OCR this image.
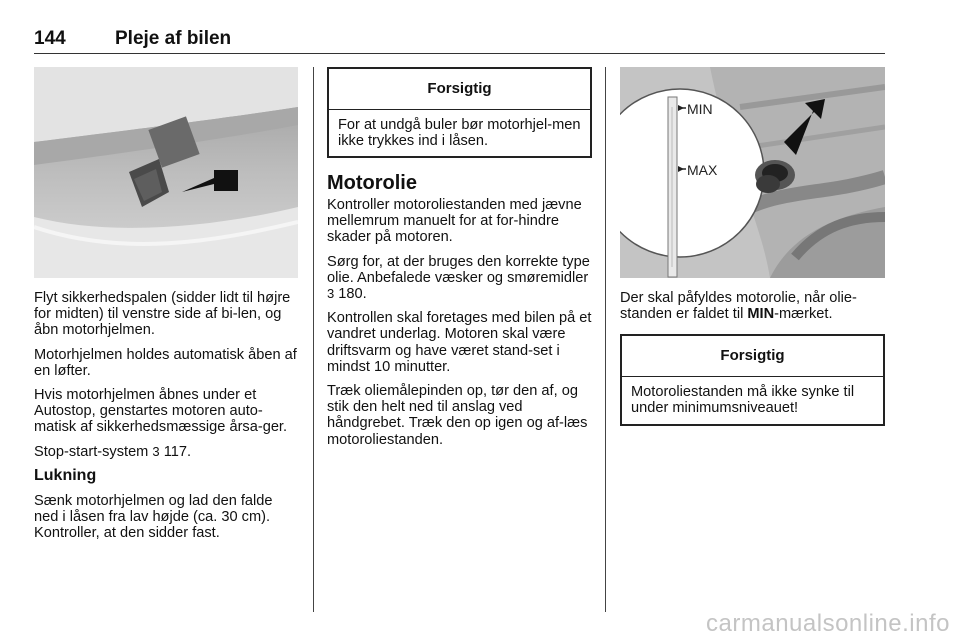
144	Pleje af bilen

Flyt sikkerhedspalen (sidder lidt til højre for midten) til venstre side af bi-len, og åbn motorhjelmen.

Motorhjelmen holdes automatisk åben af en løfter.

Hvis motorhjelmen åbnes under et Autostop, genstartes motoren auto-matisk af sikkerhedsmæssige årsa-ger.

Stop-start-system 3 117.

Lukning

Sænk motorhjelmen og lad den falde ned i låsen fra lav højde (ca. 30 cm). Kontroller, at den sidder fast.

Forsigtig
For at undgå buler bør motorhjel-men ikke trykkes ind i låsen.
Motorolie

Kontroller motoroliestanden med jævne mellemrum manuelt for at for-hindre skader på motoren.

Sørg for, at der bruges den korrekte type olie. Anbefalede væsker og smøremidler 3 180.

Kontrollen skal foretages med bilen på et vandret underlag. Motoren skal være driftsvarm og have været stand-set i mindst 10 minutter.

Træk oliemålepinden op, tør den af, og stik den helt ned til anslag ved håndgrebet. Træk den op igen og af-læs motoroliestanden.

MIN
MAX

Der skal påfyldes motorolie, når olie-standen er faldet til MIN-mærket.

Forsigtig
Motoroliestanden må ikke synke til under minimumsniveauet!
carmanualsonline.info
